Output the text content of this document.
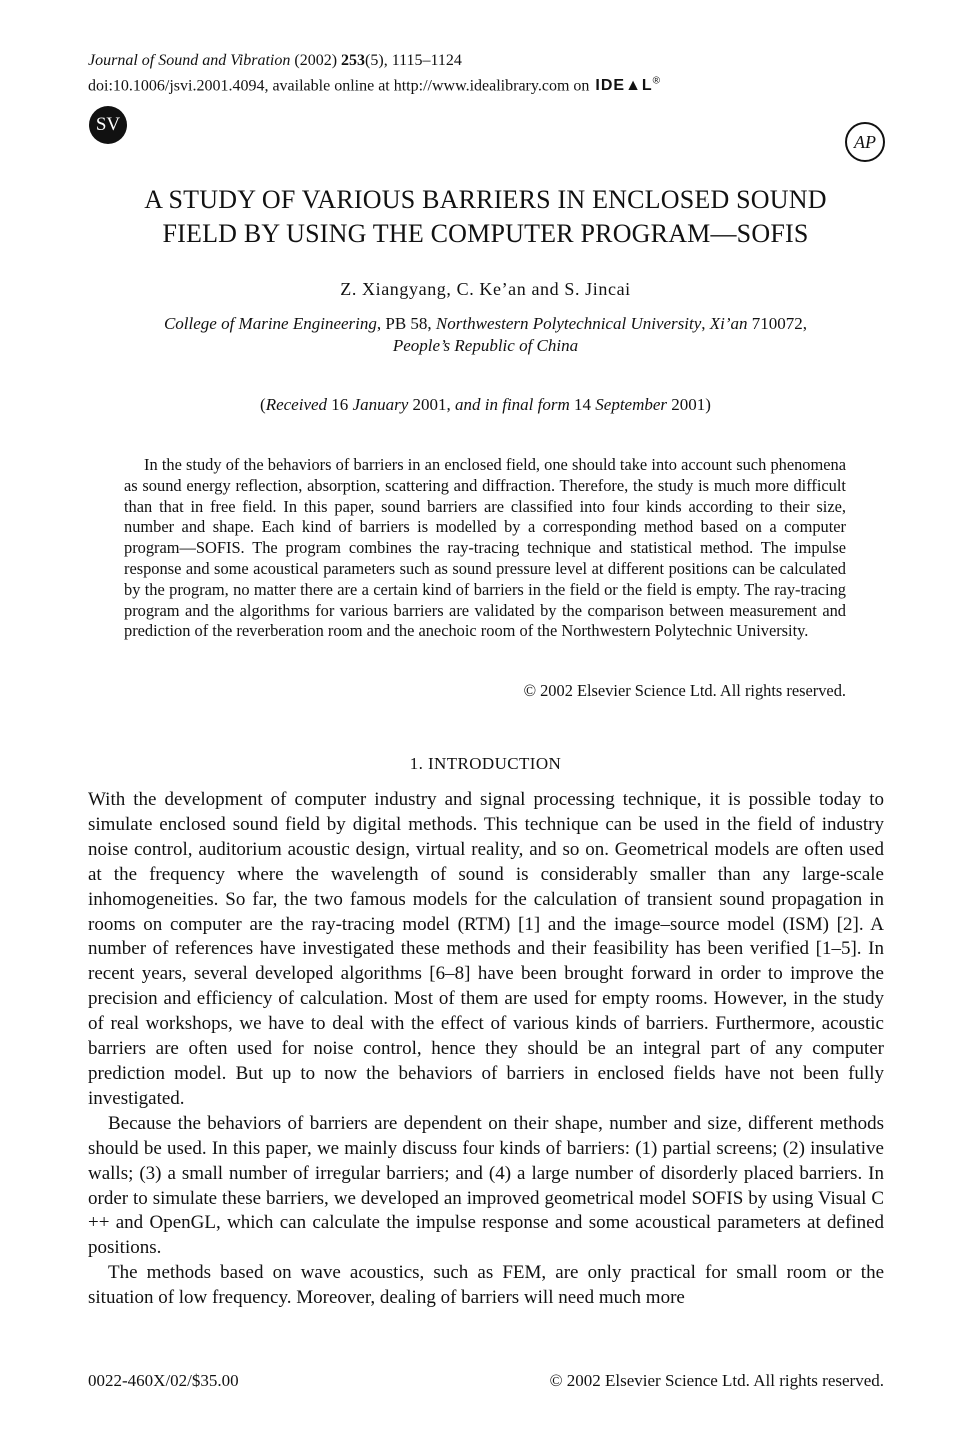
Journal of Sound and Vibration (2002) 253(5), 1115–1124
doi:10.1006/jsvi.2001.4094, available online at http://www.idealibrary.com on IDE▲L®
SV
AP
A STUDY OF VARIOUS BARRIERS IN ENCLOSED SOUND
FIELD BY USING THE COMPUTER PROGRAM—SOFIS
Z. Xiangyang, C. Ke’an and S. Jincai
College of Marine Engineering, PB 58, Northwestern Polytechnical University, Xi’an 710072,
People’s Republic of China
(Received 16 January 2001, and in final form 14 September 2001)
In the study of the behaviors of barriers in an enclosed field, one should take into account such phenomena as sound energy reflection, absorption, scattering and diffraction. Therefore, the study is much more difficult than that in free field. In this paper, sound barriers are classified into four kinds according to their size, number and shape. Each kind of barriers is modelled by a corresponding method based on a computer program—SOFIS. The program combines the ray-tracing technique and statistical method. The impulse response and some acoustical parameters such as sound pressure level at different positions can be calculated by the program, no matter there are a certain kind of barriers in the field or the field is empty. The ray-tracing program and the algorithms for various barriers are validated by the comparison between measurement and prediction of the reverberation room and the anechoic room of the Northwestern Polytechnic University.
© 2002 Elsevier Science Ltd. All rights reserved.
1. INTRODUCTION

With the development of computer industry and signal processing technique, it is possible today to simulate enclosed sound field by digital methods. This technique can be used in the field of industry noise control, auditorium acoustic design, virtual reality, and so on. Geometrical models are often used at the frequency where the wavelength of sound is considerably smaller than any large-scale inhomogeneities. So far, the two famous models for the calculation of transient sound propagation in rooms on computer are the ray-tracing model (RTM) [1] and the image–source model (ISM) [2]. A number of references have investigated these methods and their feasibility has been verified [1–5]. In recent years, several developed algorithms [6–8] have been brought forward in order to improve the precision and efficiency of calculation. Most of them are used for empty rooms. However, in the study of real workshops, we have to deal with the effect of various kinds of barriers. Furthermore, acoustic barriers are often used for noise control, hence they should be an integral part of any computer prediction model. But up to now the behaviors of barriers in enclosed fields have not been fully investigated.

Because the behaviors of barriers are dependent on their shape, number and size, different methods should be used. In this paper, we mainly discuss four kinds of barriers: (1) partial screens; (2) insulative walls; (3) a small number of irregular barriers; and (4) a large number of disorderly placed barriers. In order to simulate these barriers, we developed an improved geometrical model SOFIS by using Visual C ++ and OpenGL, which can calculate the impulse response and some acoustical parameters at defined positions.

The methods based on wave acoustics, such as FEM, are only practical for small room or the situation of low frequency. Moreover, dealing of barriers will need much more

0022-460X/02/$35.00	© 2002 Elsevier Science Ltd. All rights reserved.
